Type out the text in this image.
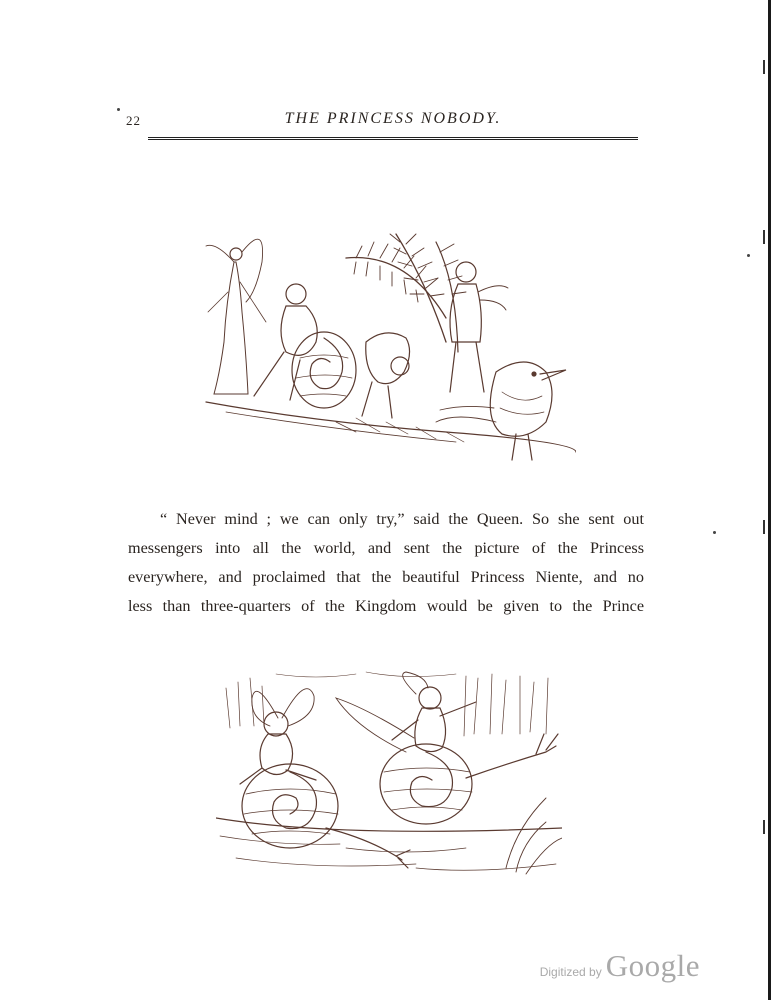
22	THE PRINCESS NOBODY.
“ Never mind ; we can only try,” said the Queen. So she sent out
messengers into all the world, and sent the picture of the Princess
everywhere, and proclaimed that the beautiful Princess Niente, and no
less than three-quarters of the Kingdom would be given to the Prince
Digitized by Google
